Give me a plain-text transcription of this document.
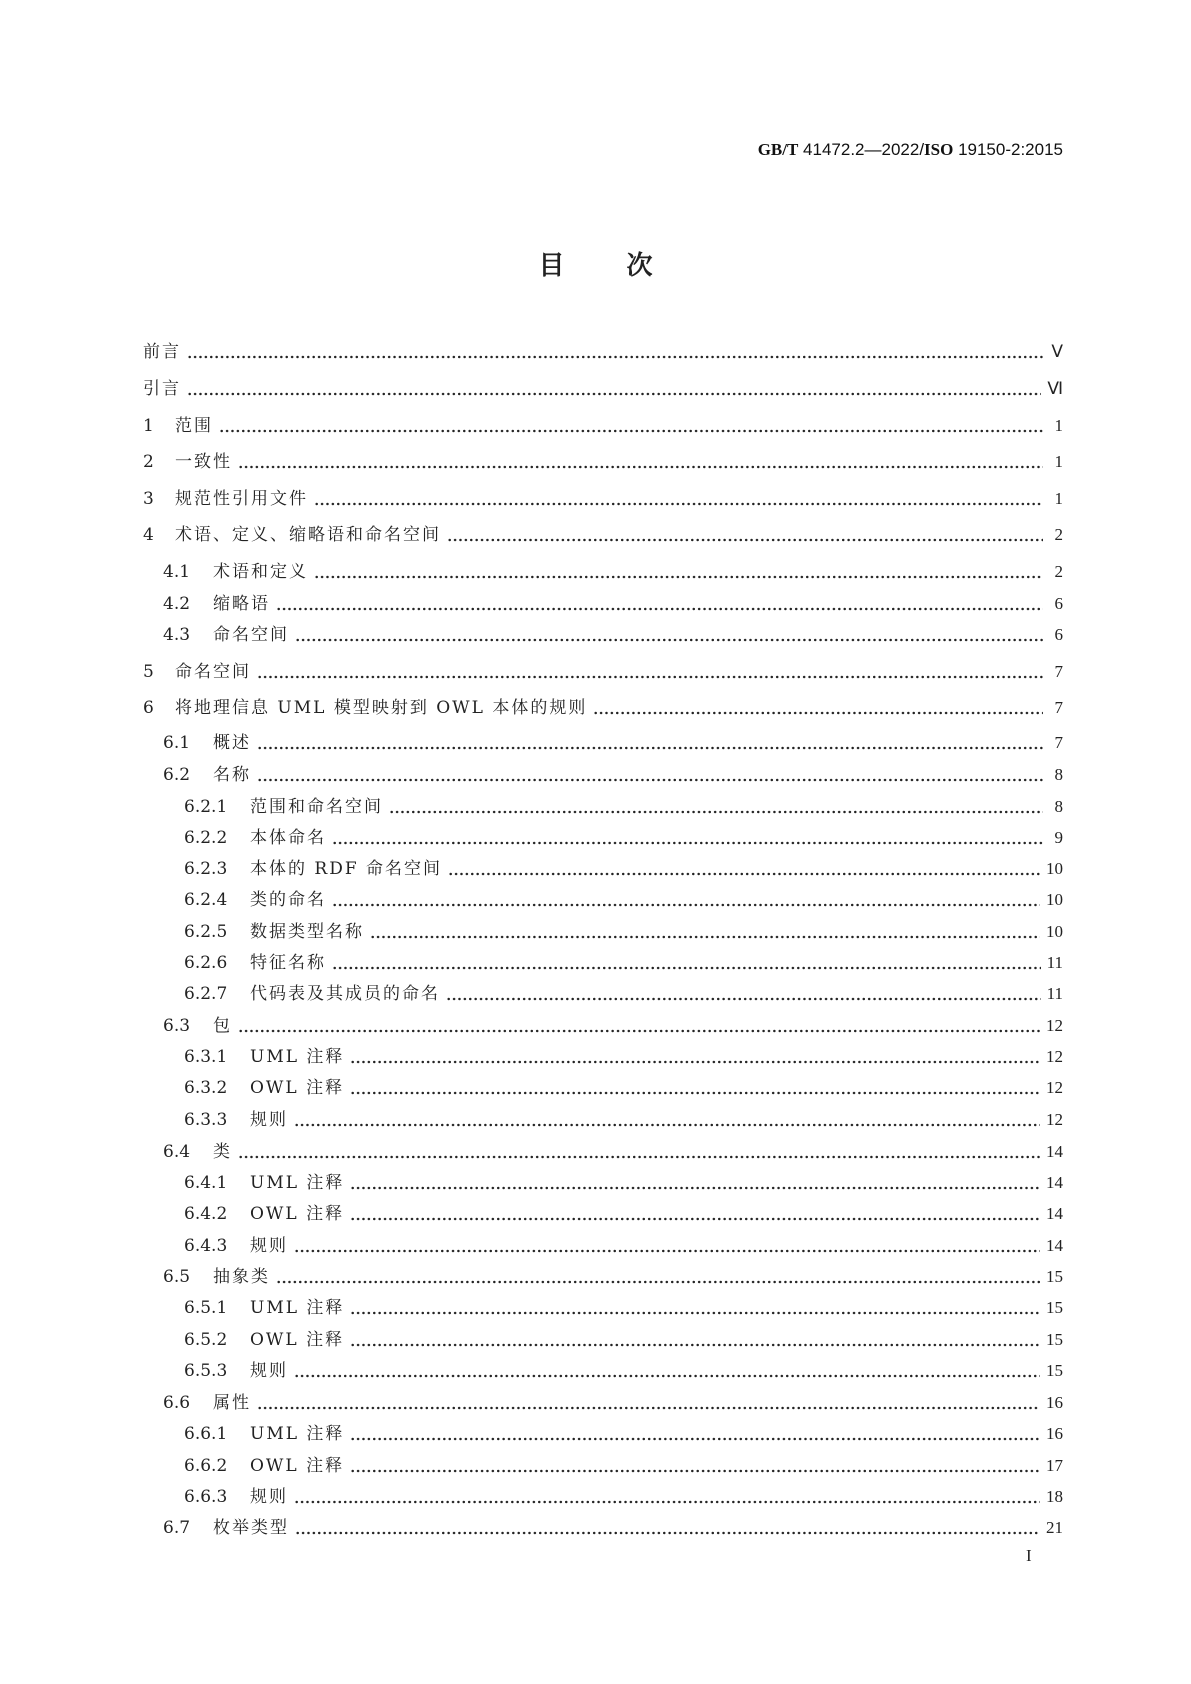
GB/T 41472.2—2022/ISO 19150-2:2015
目次
前言	Ⅴ
引言	Ⅵ
1	范围	1
2	一致性	1
3	规范性引用文件	1
4	术语、定义、缩略语和命名空间	2
4.1	术语和定义	2
4.2	缩略语	6
4.3	命名空间	6
5	命名空间	7
6	将地理信息 UML 模型映射到 OWL 本体的规则	7
6.1	概述	7
6.2	名称	8
6.2.1	范围和命名空间	8
6.2.2	本体命名	9
6.2.3	本体的 RDF 命名空间	10
6.2.4	类的命名	10
6.2.5	数据类型名称	10
6.2.6	特征名称	11
6.2.7	代码表及其成员的命名	11
6.3	包	12
6.3.1	UML 注释	12
6.3.2	OWL 注释	12
6.3.3	规则	12
6.4	类	14
6.4.1	UML 注释	14
6.4.2	OWL 注释	14
6.4.3	规则	14
6.5	抽象类	15
6.5.1	UML 注释	15
6.5.2	OWL 注释	15
6.5.3	规则	15
6.6	属性	16
6.6.1	UML 注释	16
6.6.2	OWL 注释	17
6.6.3	规则	18
6.7	枚举类型	21
I
